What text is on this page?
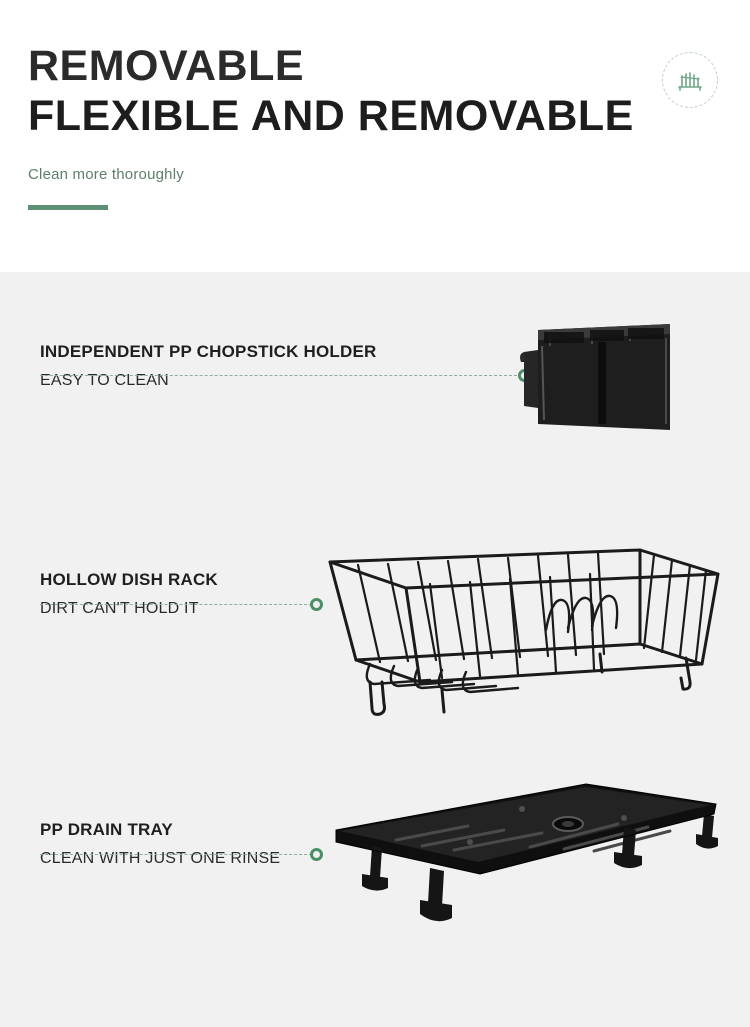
REMOVABLE
FLEXIBLE AND REMOVABLE
Clean more thoroughly
INDEPENDENT PP CHOPSTICK HOLDER
EASY TO CLEAN
HOLLOW DISH RACK
DIRT CAN'T HOLD IT
PP DRAIN TRAY
CLEAN WITH JUST ONE RINSE
